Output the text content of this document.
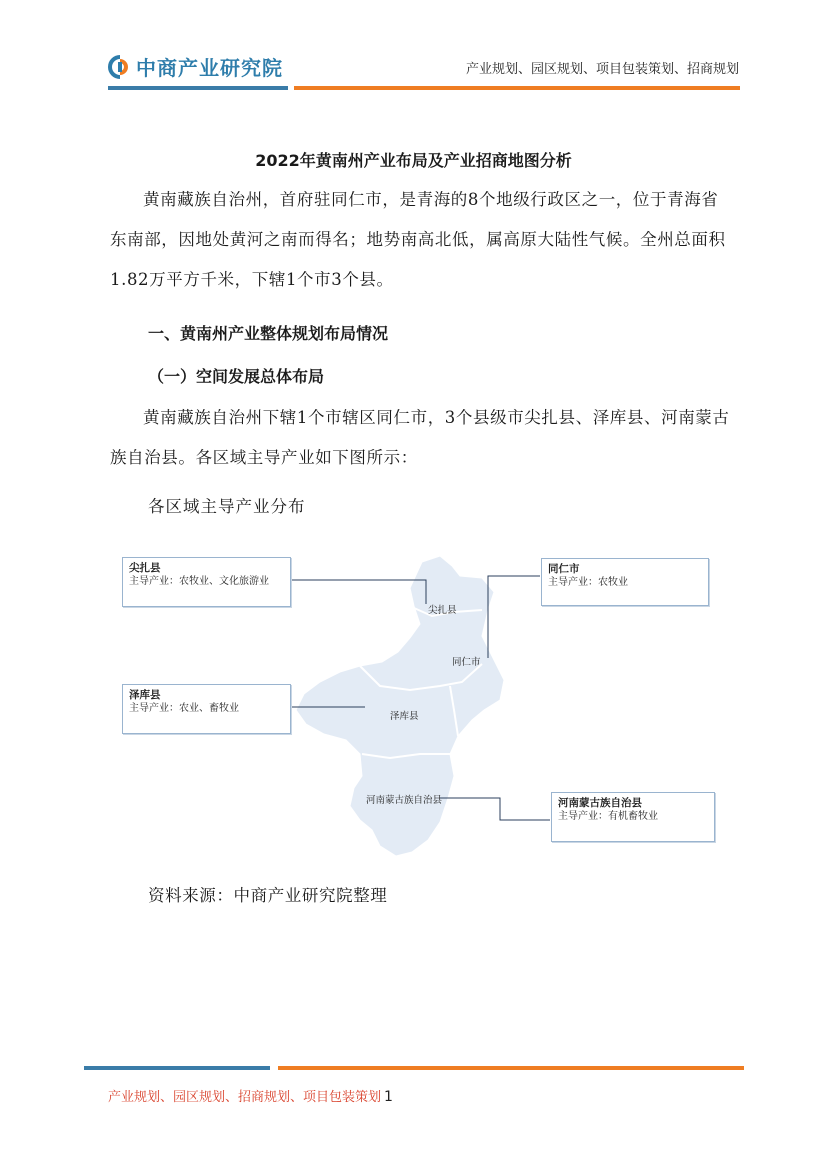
中商产业研究院	产业规划、园区规划、项目包装策划、招商规划
2022年黄南州产业布局及产业招商地图分析

黄南藏族自治州，首府驻同仁市，是青海的8个地级行政区之一，位于青海省东南部，因地处黄河之南而得名；地势南高北低，属高原大陆性气候。全州总面积1.82万平方千米，下辖1个市3个县。

一、黄南州产业整体规划布局情况
（一）空间发展总体布局

黄南藏族自治州下辖1个市辖区同仁市，3个县级市尖扎县、泽库县、河南蒙古族自治县。各区域主导产业如下图所示：

各区域主导产业分布
尖扎县
同仁市
泽库县
河南蒙古族自治县
尖扎县
主导产业：农牧业、文化旅游业
同仁市
主导产业：农牧业
泽库县
主导产业：农业、畜牧业
河南蒙古族自治县
主导产业：有机畜牧业
资料来源：中商产业研究院整理
产业规划、园区规划、招商规划、项目包装策划 1
